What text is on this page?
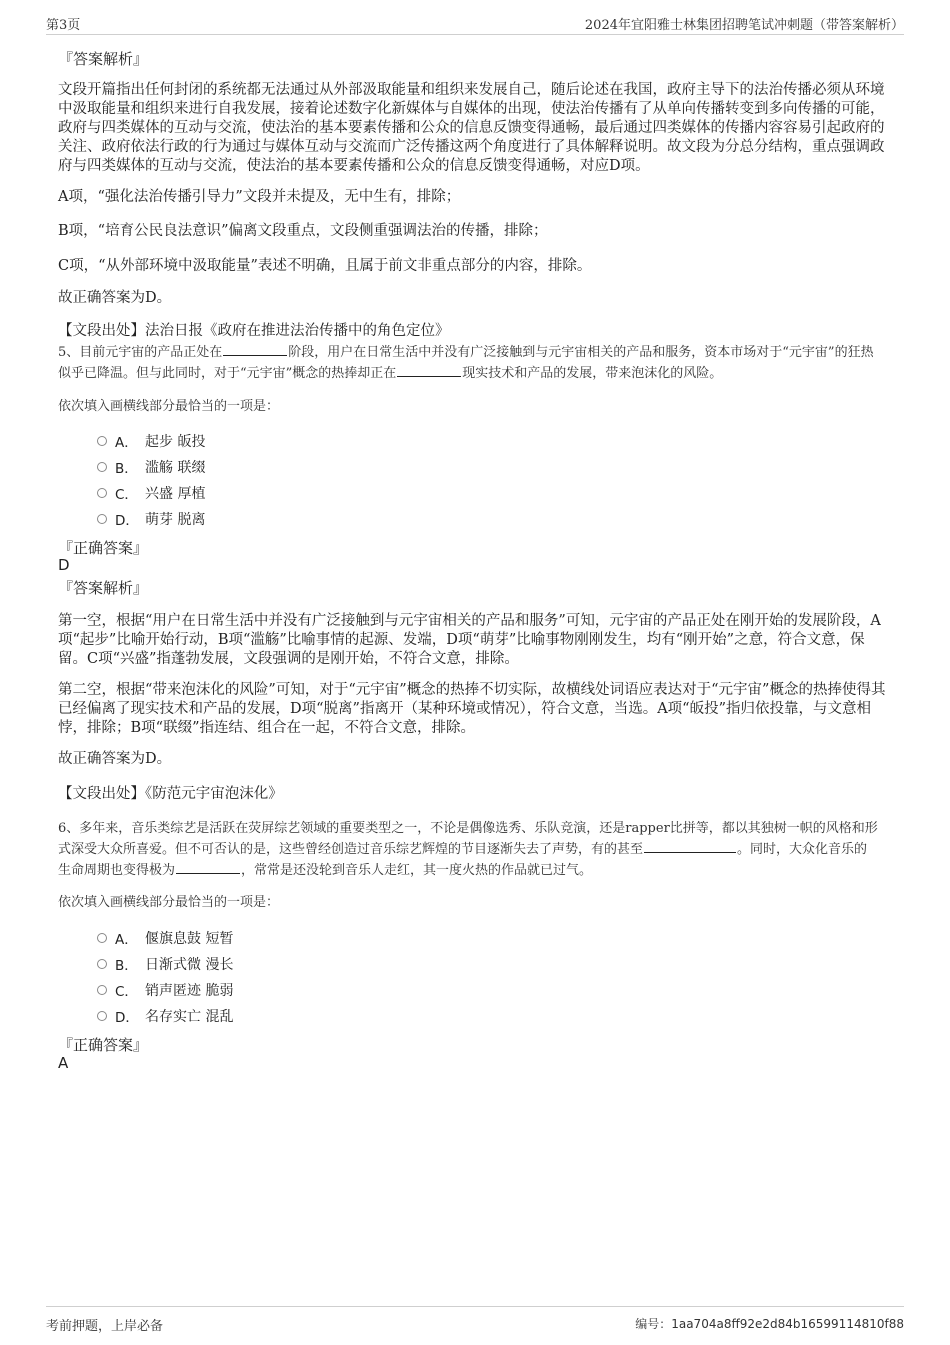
第3页	2024年宜阳雅士林集团招聘笔试冲刺题（带答案解析）
『答案解析』

文段开篇指出任何封闭的系统都无法通过从外部汲取能量和组织来发展自己，随后论述在我国，政府主导下的法治传播必须从环境中汲取能量和组织来进行自我发展，接着论述数字化新媒体与自媒体的出现，使法治传播有了从单向传播转变到多向传播的可能，政府与四类媒体的互动与交流，使法治的基本要素传播和公众的信息反馈变得通畅，最后通过四类媒体的传播内容容易引起政府的关注、政府依法行政的行为通过与媒体互动与交流而广泛传播这两个角度进行了具体解释说明。故文段为分总分结构，重点强调政府与四类媒体的互动与交流，使法治的基本要素传播和公众的信息反馈变得通畅，对应D项。

A项，“强化法治传播引导力”文段并未提及，无中生有，排除；

B项，“培育公民良法意识”偏离文段重点，文段侧重强调法治的传播，排除；

C项，“从外部环境中汲取能量”表述不明确，且属于前文非重点部分的内容，排除。

故正确答案为D。

【文段出处】法治日报《政府在推进法治传播中的角色定位》

5、目前元宇宙的产品正处在	阶段，用户在日常生活中并没有广泛接触到与元宇宙相关的产品和服务，资本市场对于“元宇宙”的狂热
似乎已降温。但与此同时，对于“元宇宙”概念的热捧却正在	现实技术和产品的发展，带来泡沫化的风险。

依次填入画横线部分最恰当的一项是：

A． 起步 皈投
B． 滥觞 联缀
C． 兴盛 厚植
D． 萌芽 脱离
『正确答案』
D
『答案解析』

第一空，根据“用户在日常生活中并没有广泛接触到与元宇宙相关的产品和服务”可知，元宇宙的产品正处在刚开始的发展阶段，A项“起步”比喻开始行动，B项“滥觞”比喻事情的起源、发端，D项“萌芽”比喻事物刚刚发生，均有“刚开始”之意，符合文意，保留。C项“兴盛”指蓬勃发展，文段强调的是刚开始，不符合文意，排除。

第二空，根据“带来泡沫化的风险”可知，对于“元宇宙”概念的热捧不切实际，故横线处词语应表达对于“元宇宙”概念的热捧使得其已经偏离了现实技术和产品的发展，D项“脱离”指离开（某种环境或情况），符合文意，当选。A项“皈投”指归依投靠，与文意相悖，排除；B项“联缀”指连结、组合在一起，不符合文意，排除。

故正确答案为D。

【文段出处】《防范元宇宙泡沫化》

6、多年来，音乐类综艺是活跃在荧屏综艺领域的重要类型之一，不论是偶像选秀、乐队竞演，还是rapper比拼等，都以其独树一帜的风格和形
式深受大众所喜爱。但不可否认的是，这些曾经创造过音乐综艺辉煌的节目逐渐失去了声势，有的甚至	。同时，大众化音乐的
生命周期也变得极为	，常常是还没轮到音乐人走红，其一度火热的作品就已过气。

依次填入画横线部分最恰当的一项是：

A． 偃旗息鼓 短暂
B． 日渐式微 漫长
C． 销声匿迹 脆弱
D． 名存实亡 混乱
『正确答案』
A
考前押题，上岸必备	编号：1aa704a8ff92e2d84b16599114810f88
